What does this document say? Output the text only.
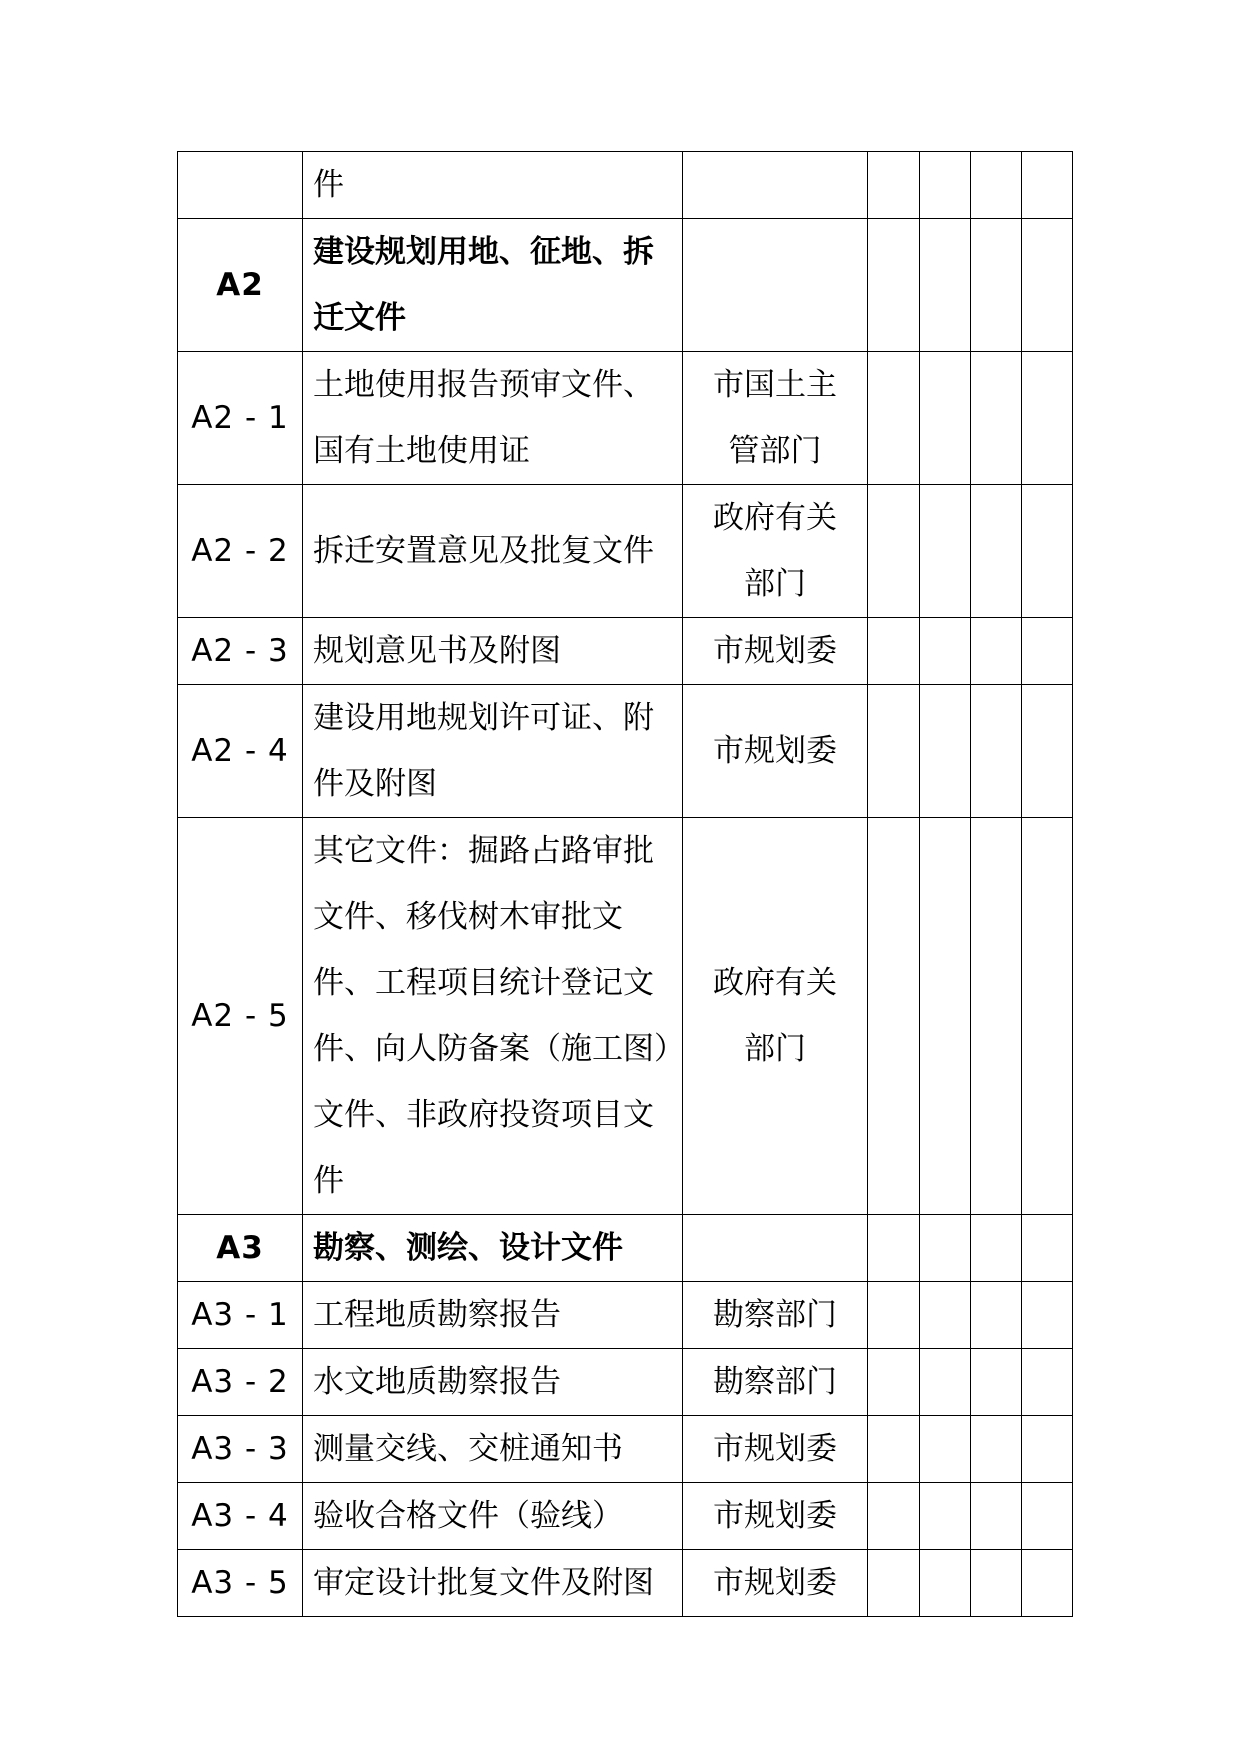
	件					
A2	建设规划用地、征地、拆迁文件					
A2 - 1	土地使用报告预审文件、国有土地使用证	市国土主管部门				
A2 - 2	拆迁安置意见及批复文件	政府有关部门				
A2 - 3	规划意见书及附图	市规划委				
A2 - 4	建设用地规划许可证、附件及附图	市规划委				
A2 - 5	其它文件：掘路占路审批文件、移伐树木审批文件、工程项目统计登记文件、向人防备案（施工图）文件、非政府投资项目文件	政府有关部门				
A3	勘察、测绘、设计文件					
A3 - 1	工程地质勘察报告	勘察部门				
A3 - 2	水文地质勘察报告	勘察部门				
A3 - 3	测量交线、交桩通知书	市规划委				
A3 - 4	验收合格文件（验线）	市规划委				
A3 - 5	审定设计批复文件及附图	市规划委				
